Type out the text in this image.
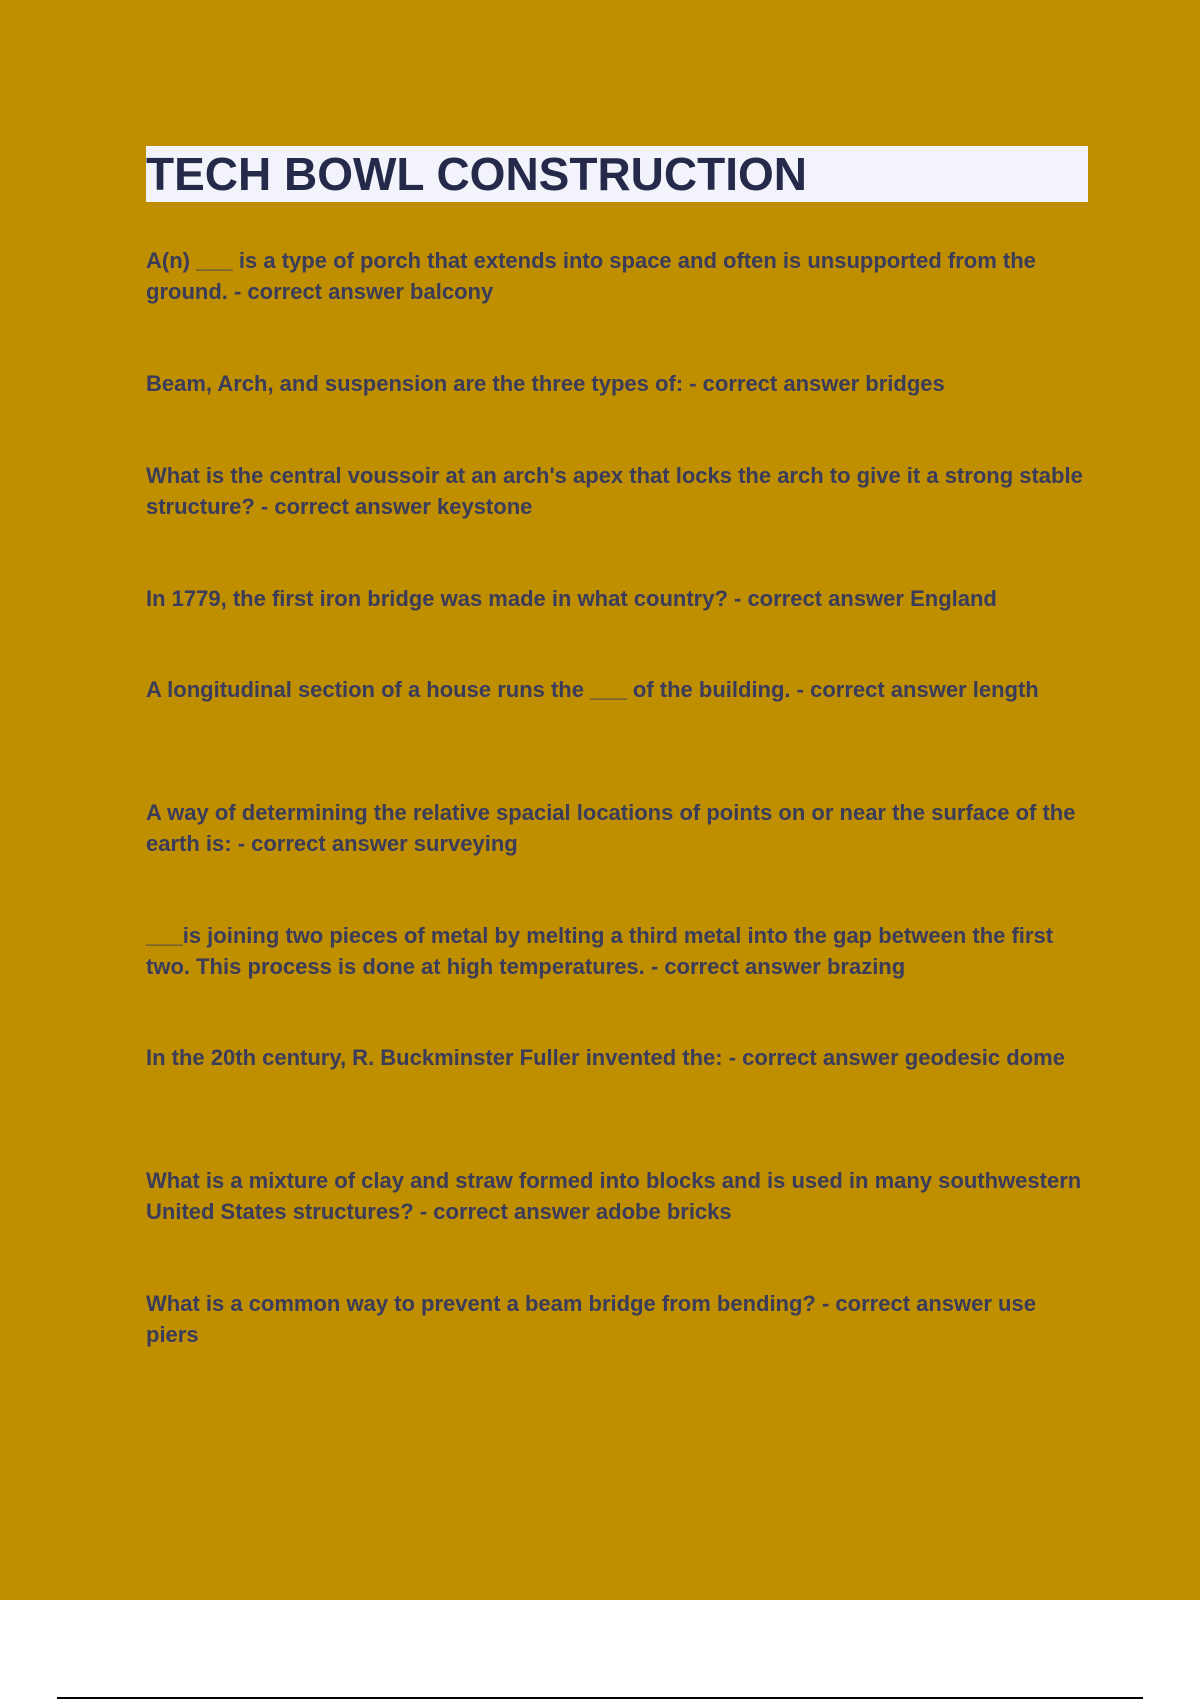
TECH BOWL CONSTRUCTION

A(n) ___ is a type of porch that extends into space and often is unsupported from the ground. - correct answer balcony

Beam, Arch, and suspension are the three types of: - correct answer bridges

What is the central voussoir at an arch's apex that locks the arch to give it a strong stable structure? - correct answer keystone

In 1779, the first iron bridge was made in what country? - correct answer England

A longitudinal section of a house runs the ___ of the building. - correct answer length

A way of determining the relative spacial locations of points on or near the surface of the earth is: - correct answer surveying

___is joining two pieces of metal by melting a third metal into the gap between the first two. This process is done at high temperatures. - correct answer brazing

In the 20th century, R. Buckminster Fuller invented the: - correct answer geodesic dome

What is a mixture of clay and straw formed into blocks and is used in many southwestern United States structures? - correct answer adobe bricks

What is a common way to prevent a beam bridge from bending? - correct answer use piers
